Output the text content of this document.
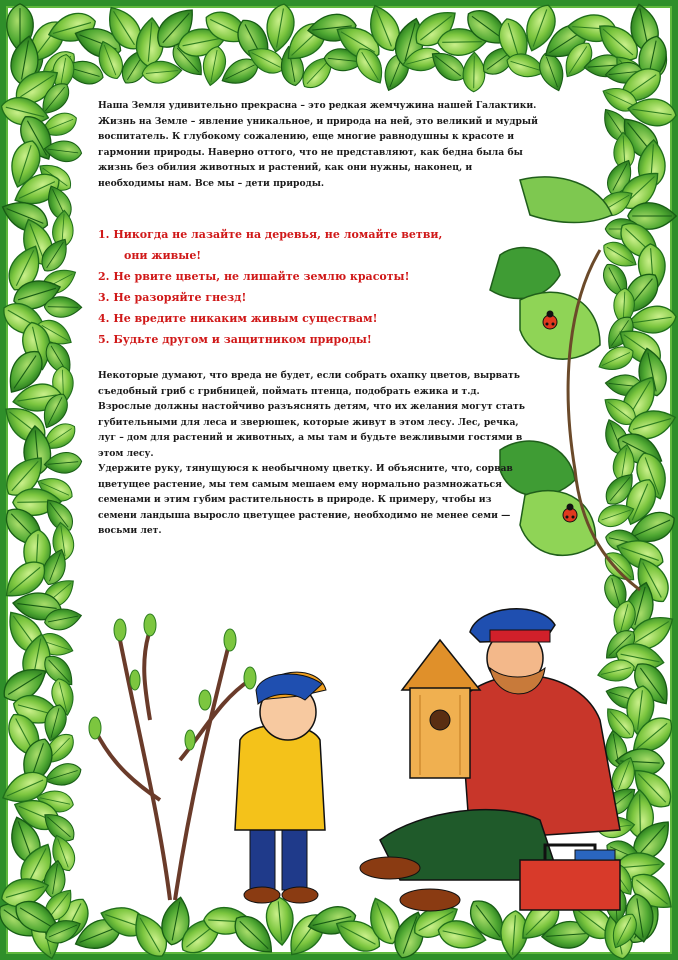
Наша Земля удивительно прекрасна – это редкая жемчужина нашей Галактики. Жизнь на Земле – явление уникальное, и природа на ней, это великий и мудрый воспитатель. К глубокому сожалению, еще многие равнодушны к красоте и гармонии природы. Наверно оттого, что не представляют, как бедна была бы жизнь без обилия животных и растений, как они нужны, наконец, и необходимы нам. Все мы – дети природы.
1. Никогда не лазайте на деревья, не ломайте ветви,
они живые!
2. Не рвите цветы, не лишайте землю красоты!
3. Не разоряйте гнезд!
4. Не вредите никаким живым существам!
5. Будьте другом и защитником природы!
Некоторые думают, что вреда не будет, если собрать охапку цветов, вырвать съедобный гриб с грибницей, поймать птенца, подобрать ежика и т.д. Взрослые должны настойчиво разъяснять детям, что их желания могут стать губительными для леса и зверюшек, которые живут в этом лесу. Лес, речка, луг – дом для растений и животных, а мы там и будьте вежливыми гостями в этом лесу.
Удержите руку, тянущуюся к необычному цветку. И объясните, что, сорвав цветущее растение, мы тем самым мешаем ему нормально размножаться семенами и этим губим растительность в природе. К примеру, чтобы из семени ландыша выросло цветущее растение, необходимо не менее семи — восьми лет.
